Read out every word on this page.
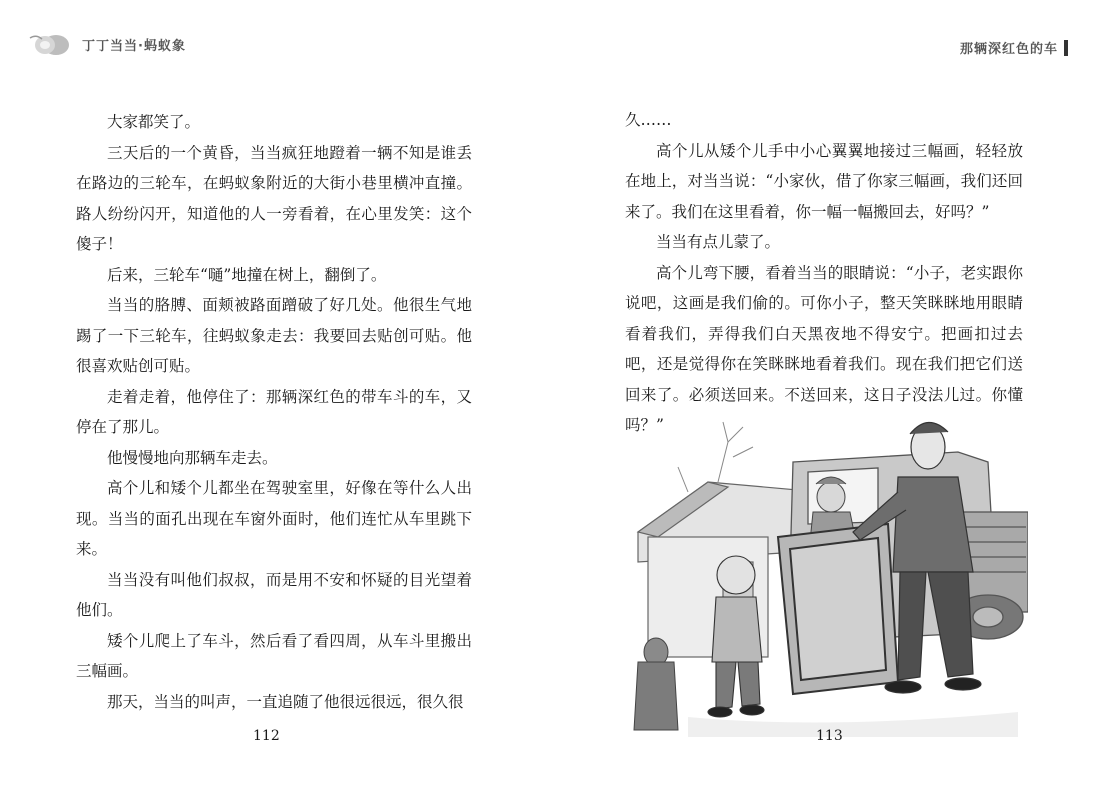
丁丁当当·蚂蚁象

大家都笑了。

三天后的一个黄昏，当当疯狂地蹬着一辆不知是谁丢在路边的三轮车，在蚂蚁象附近的大街小巷里横冲直撞。路人纷纷闪开，知道他的人一旁看着，在心里发笑：这个傻子！

后来，三轮车“嗵”地撞在树上，翻倒了。

当当的胳膊、面颊被路面蹭破了好几处。他很生气地踢了一下三轮车，往蚂蚁象走去：我要回去贴创可贴。他很喜欢贴创可贴。

走着走着，他停住了：那辆深红色的带车斗的车，又停在了那儿。

他慢慢地向那辆车走去。

高个儿和矮个儿都坐在驾驶室里，好像在等什么人出现。当当的面孔出现在车窗外面时，他们连忙从车里跳下来。

当当没有叫他们叔叔，而是用不安和怀疑的目光望着他们。

矮个儿爬上了车斗，然后看了看四周，从车斗里搬出三幅画。

那天，当当的叫声，一直追随了他很远很远，很久很

112
那辆深红色的车

久……

高个儿从矮个儿手中小心翼翼地接过三幅画，轻轻放在地上，对当当说：“小家伙，借了你家三幅画，我们还回来了。我们在这里看着，你一幅一幅搬回去，好吗？”

当当有点儿蒙了。

高个儿弯下腰，看着当当的眼睛说：“小子，老实跟你说吧，这画是我们偷的。可你小子，整天笑眯眯地用眼睛看着我们，弄得我们白天黑夜地不得安宁。把画扣过去吧，还是觉得你在笑眯眯地看着我们。现在我们把它们送回来了。必须送回来。不送回来，这日子没法儿过。你懂吗？”

113
